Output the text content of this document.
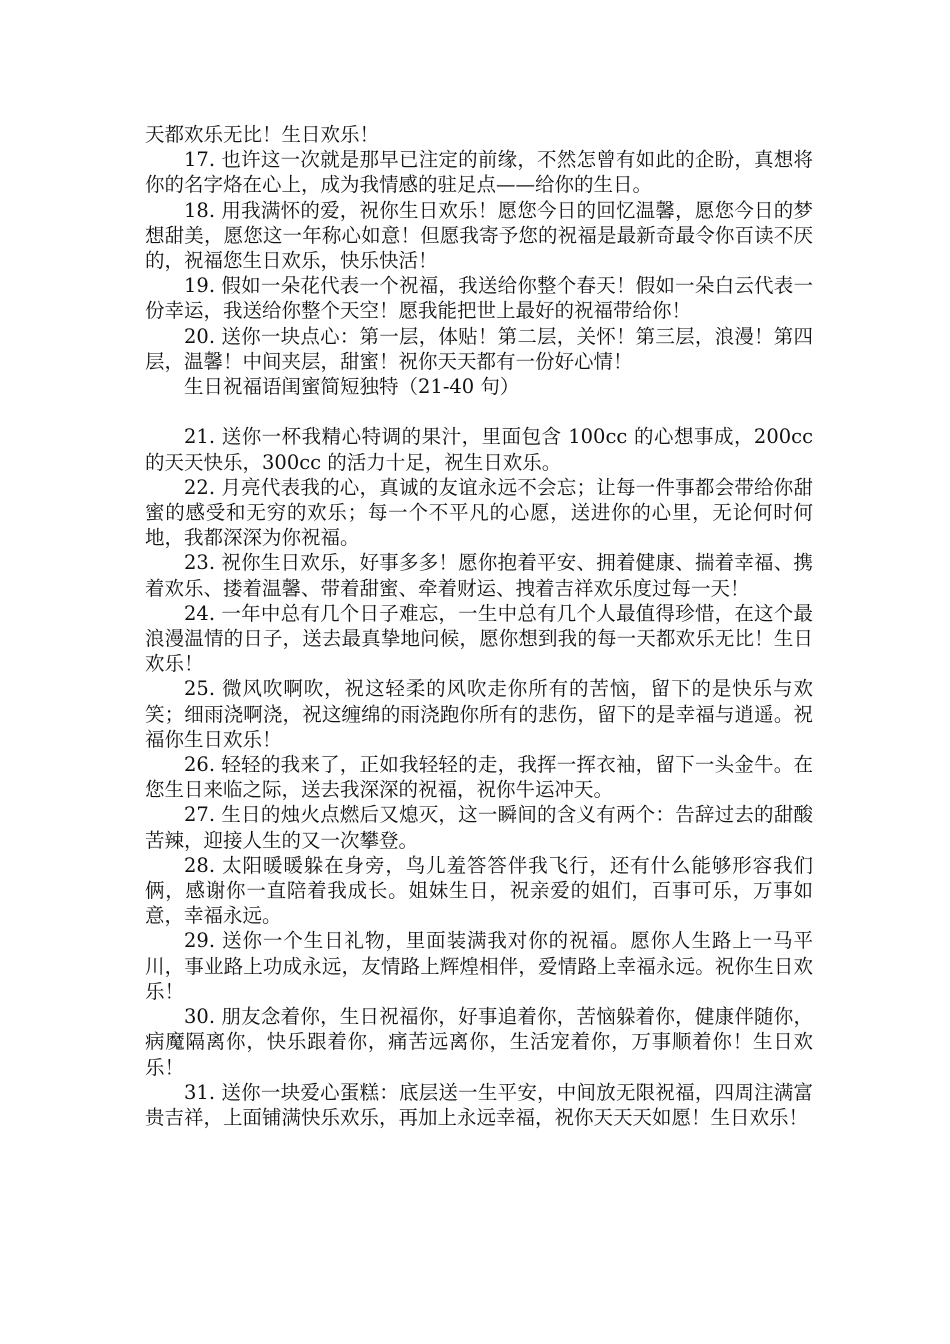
天都欢乐无比！生日欢乐！

17. 也许这一次就是那早已注定的前缘，不然怎曾有如此的企盼，真想将你的名字烙在心上，成为我情感的驻足点——给你的生日。

18. 用我满怀的爱，祝你生日欢乐！愿您今日的回忆温馨，愿您今日的梦想甜美，愿您这一年称心如意！但愿我寄予您的祝福是最新奇最令你百读不厌的，祝福您生日欢乐，快乐快活！

19. 假如一朵花代表一个祝福，我送给你整个春天！假如一朵白云代表一份幸运，我送给你整个天空！愿我能把世上最好的祝福带给你！

20. 送你一块点心：第一层，体贴！第二层，关怀！第三层，浪漫！第四层，温馨！中间夹层，甜蜜！祝你天天都有一份好心情！

生日祝福语闺蜜简短独特（21-40 句）

21. 送你一杯我精心特调的果汁，里面包含 100cc 的心想事成，200cc 的天天快乐，300cc 的活力十足，祝生日欢乐。

22. 月亮代表我的心，真诚的友谊永远不会忘；让每一件事都会带给你甜蜜的感受和无穷的欢乐；每一个不平凡的心愿，送进你的心里，无论何时何地，我都深深为你祝福。

23. 祝你生日欢乐，好事多多！愿你抱着平安、拥着健康、揣着幸福、携着欢乐、搂着温馨、带着甜蜜、牵着财运、拽着吉祥欢乐度过每一天！

24. 一年中总有几个日子难忘，一生中总有几个人最值得珍惜，在这个最浪漫温情的日子，送去最真挚地问候，愿你想到我的每一天都欢乐无比！生日欢乐！

25. 微风吹啊吹，祝这轻柔的风吹走你所有的苦恼，留下的是快乐与欢笑；细雨浇啊浇，祝这缠绵的雨浇跑你所有的悲伤，留下的是幸福与逍遥。祝福你生日欢乐！

26. 轻轻的我来了，正如我轻轻的走，我挥一挥衣袖，留下一头金牛。在您生日来临之际，送去我深深的祝福，祝你牛运冲天。

27. 生日的烛火点燃后又熄灭，这一瞬间的含义有两个：告辞过去的甜酸苦辣，迎接人生的又一次攀登。

28. 太阳暖暖躲在身旁，鸟儿羞答答伴我飞行，还有什么能够形容我们俩，感谢你一直陪着我成长。姐妹生日，祝亲爱的姐们，百事可乐，万事如意，幸福永远。

29. 送你一个生日礼物，里面装满我对你的祝福。愿你人生路上一马平川，事业路上功成永远，友情路上辉煌相伴，爱情路上幸福永远。祝你生日欢乐！

30. 朋友念着你，生日祝福你，好事追着你，苦恼躲着你，健康伴随你，病魔隔离你，快乐跟着你，痛苦远离你，生活宠着你，万事顺着你！生日欢乐！

31. 送你一块爱心蛋糕：底层送一生平安，中间放无限祝福，四周注满富贵吉祥，上面铺满快乐欢乐，再加上永远幸福，祝你天天天如愿！生日欢乐！
